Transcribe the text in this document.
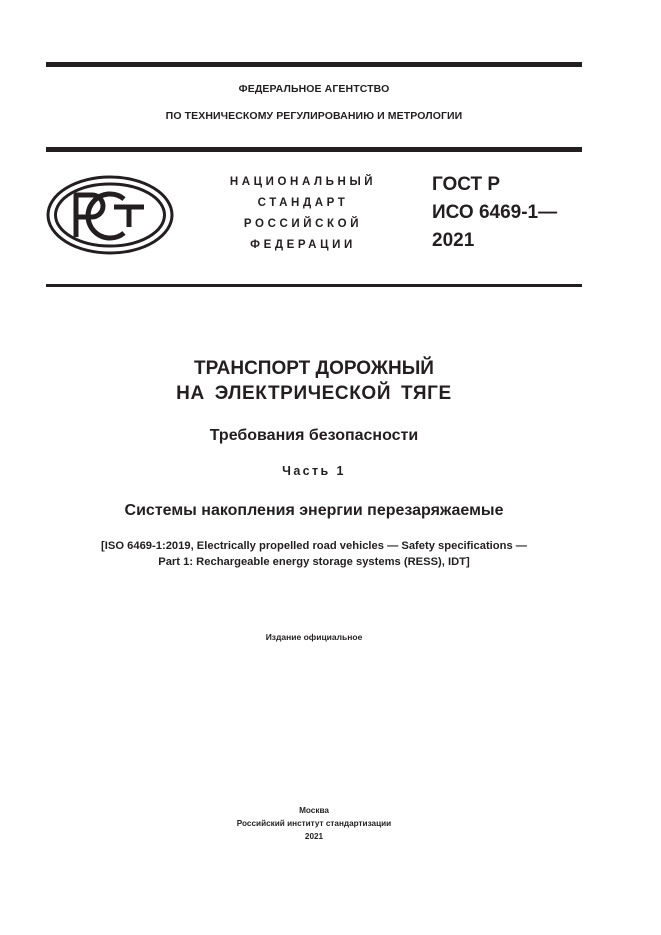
ФЕДЕРАЛЬНОЕ АГЕНТСТВО
ПО ТЕХНИЧЕСКОМУ РЕГУЛИРОВАНИЮ И МЕТРОЛОГИИ
НАЦИОНАЛЬНЫЙ
СТАНДАРТ
РОССИЙСКОЙ
ФЕДЕРАЦИИ
ГОСТ Р
ИСО 6469-1—
2021
ТРАНСПОРТ ДОРОЖНЫЙ
НА ЭЛЕКТРИЧЕСКОЙ ТЯГЕ
Требования безопасности
Часть 1
Системы накопления энергии перезаряжаемые
[ISO 6469-1:2019, Electrically propelled road vehicles — Safety specifications —
Part 1: Rechargeable energy storage systems (RESS), IDT]
Издание официальное
Москва
Российский институт стандартизации
2021
